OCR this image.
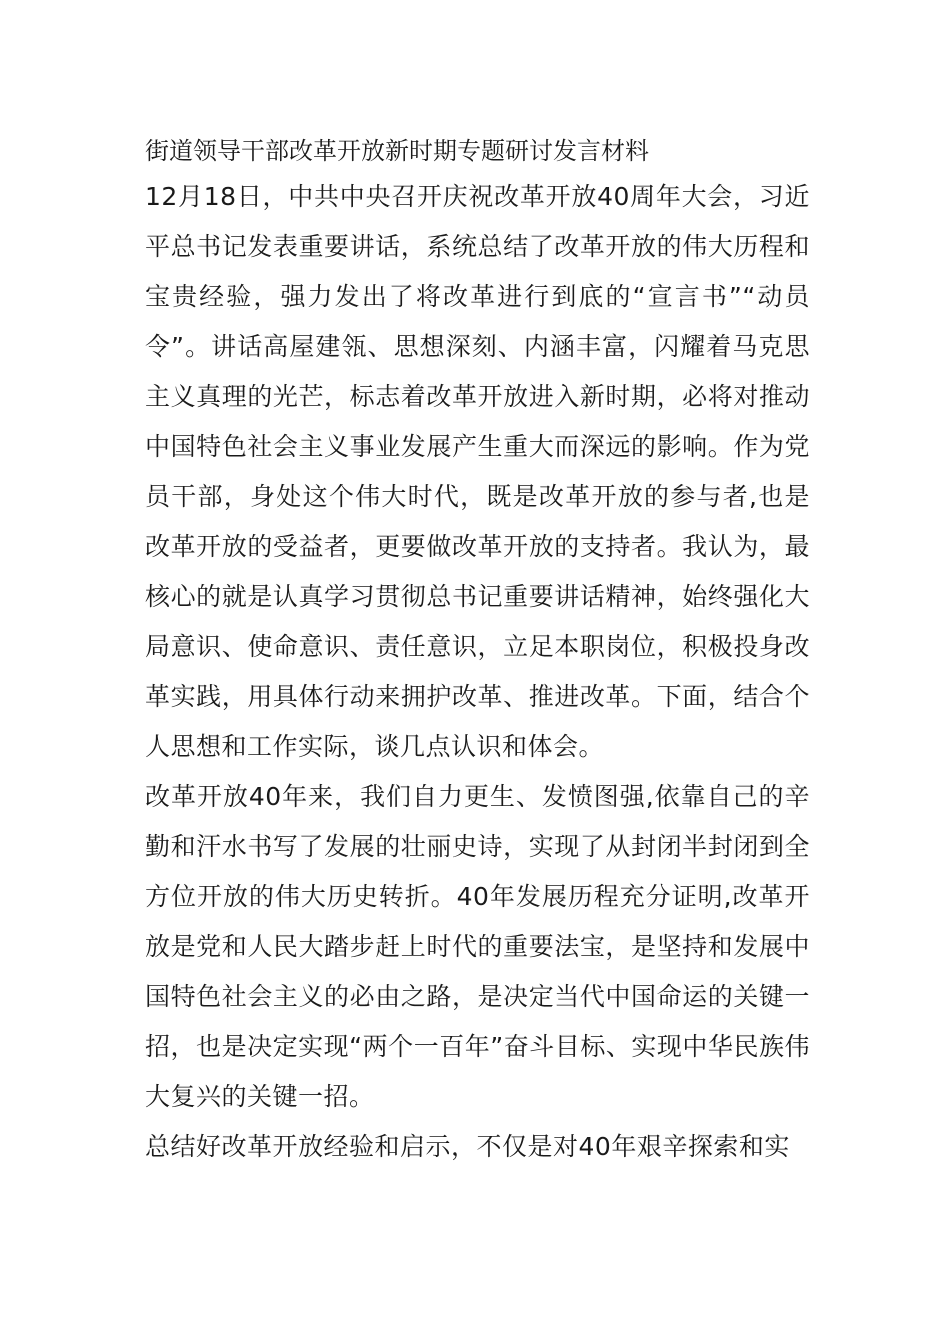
街道领导干部改革开放新时期专题研讨发言材料

12月18日，中共中央召开庆祝改革开放40周年大会，习近平总书记发表重要讲话，系统总结了改革开放的伟大历程和宝贵经验，强力发出了将改革进行到底的“宣言书”“动员令”。讲话高屋建瓴、思想深刻、内涵丰富，闪耀着马克思主义真理的光芒，标志着改革开放进入新时期，必将对推动中国特色社会主义事业发展产生重大而深远的影响。作为党员干部，身处这个伟大时代，既是改革开放的参与者,也是改革开放的受益者，更要做改革开放的支持者。我认为，最核心的就是认真学习贯彻总书记重要讲话精神，始终强化大局意识、使命意识、责任意识，立足本职岗位，积极投身改革实践，用具体行动来拥护改革、推进改革。下面，结合个人思想和工作实际，谈几点认识和体会。

改革开放40年来，我们自力更生、发愤图强,依靠自己的辛勤和汗水书写了发展的壮丽史诗，实现了从封闭半封闭到全方位开放的伟大历史转折。40年发展历程充分证明,改革开放是党和人民大踏步赶上时代的重要法宝，是坚持和发展中国特色社会主义的必由之路，是决定当代中国命运的关键一招，也是决定实现“两个一百年”奋斗目标、实现中华民族伟大复兴的关键一招。

总结好改革开放经验和启示，不仅是对40年艰辛探索和实
